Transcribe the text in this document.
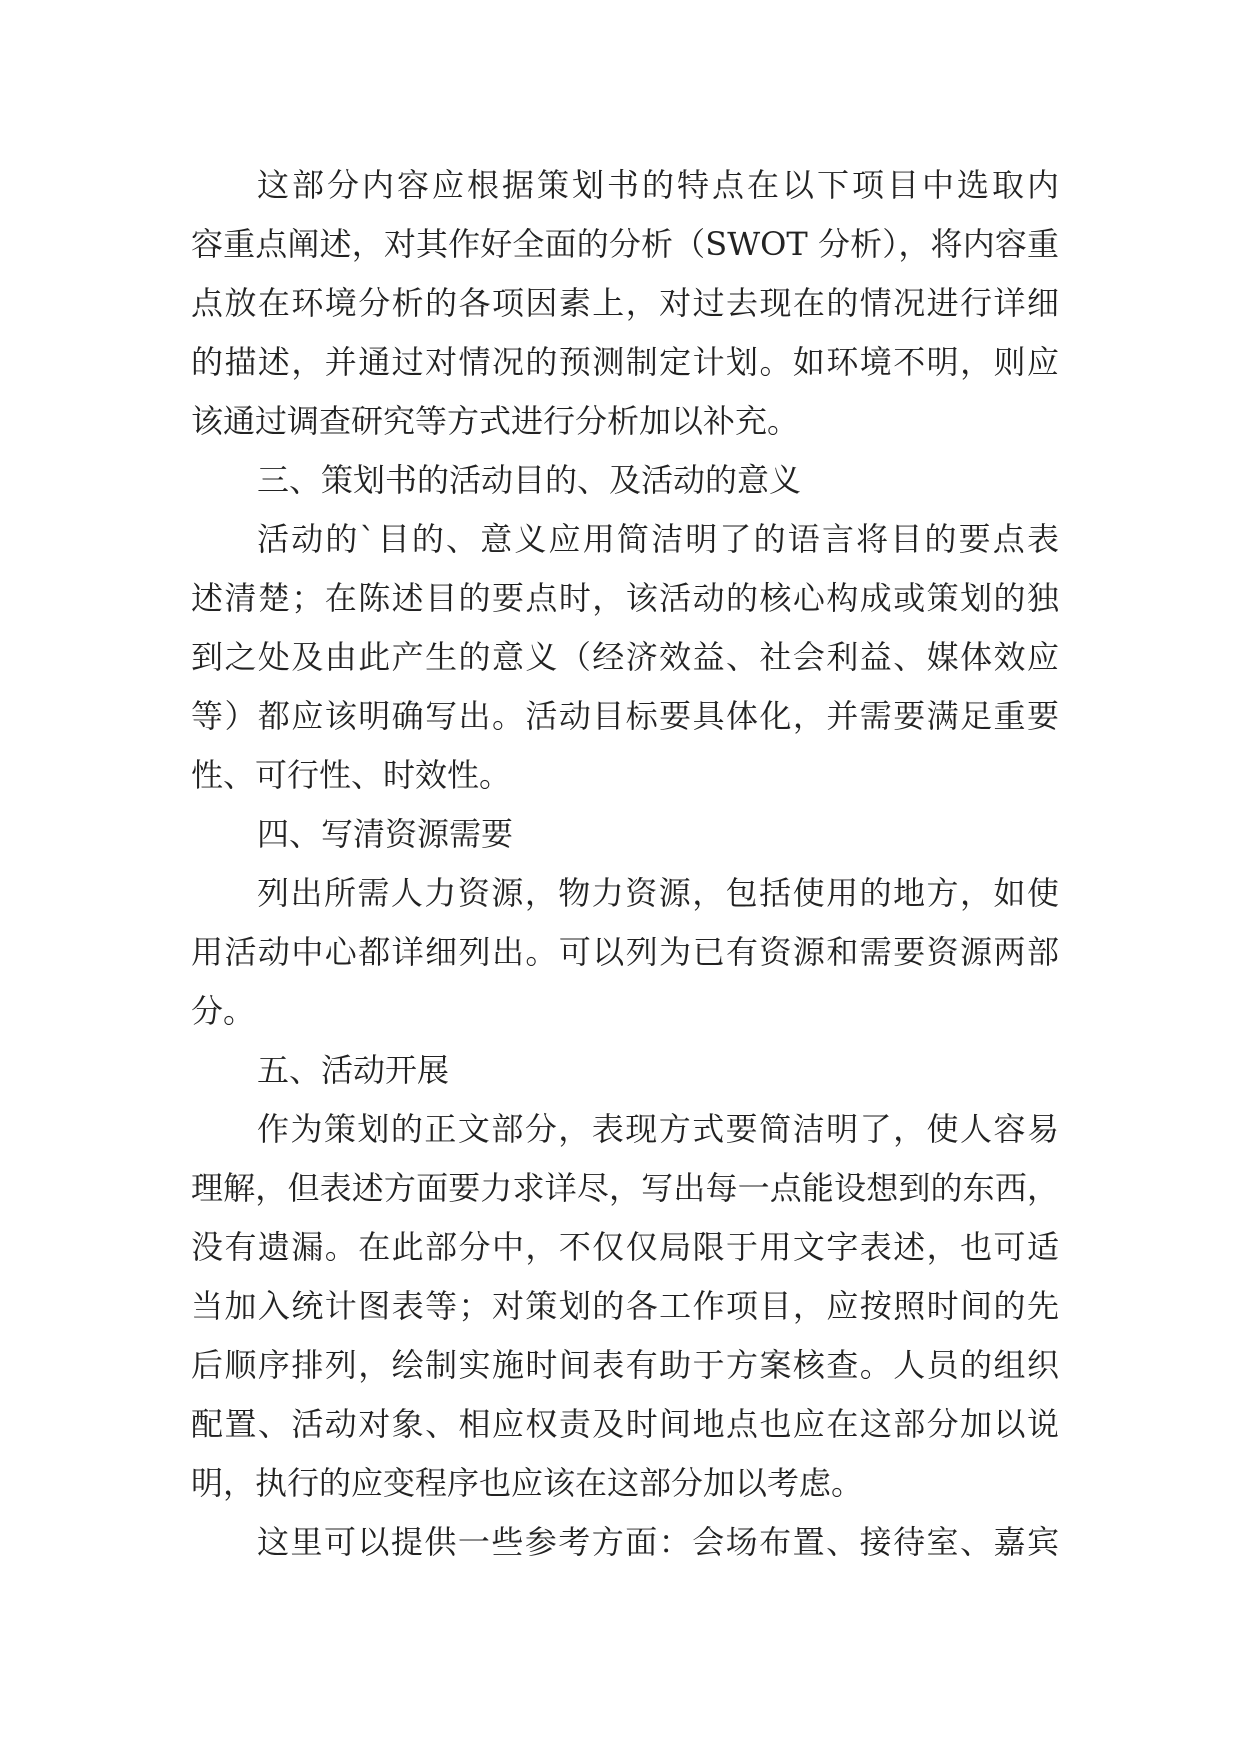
这部分内容应根据策划书的特点在以下项目中选取内
容重点阐述，对其作好全面的分析（SWOT 分析），将内容重
点放在环境分析的各项因素上，对过去现在的情况进行详细
的描述，并通过对情况的预测制定计划。如环境不明，则应
该通过调查研究等方式进行分析加以补充。
三、策划书的活动目的、及活动的意义
活动的`目的、意义应用简洁明了的语言将目的要点表
述清楚；在陈述目的要点时，该活动的核心构成或策划的独
到之处及由此产生的意义（经济效益、社会利益、媒体效应
等）都应该明确写出。活动目标要具体化，并需要满足重要
性、可行性、时效性。
四、写清资源需要
列出所需人力资源，物力资源，包括使用的地方，如使
用活动中心都详细列出。可以列为已有资源和需要资源两部
分。
五、活动开展
作为策划的正文部分，表现方式要简洁明了，使人容易
理解，但表述方面要力求详尽，写出每一点能设想到的东西，
没有遗漏。在此部分中，不仅仅局限于用文字表述，也可适
当加入统计图表等；对策划的各工作项目，应按照时间的先
后顺序排列，绘制实施时间表有助于方案核查。人员的组织
配置、活动对象、相应权责及时间地点也应在这部分加以说
明，执行的应变程序也应该在这部分加以考虑。
这里可以提供一些参考方面：会场布置、接待室、嘉宾
